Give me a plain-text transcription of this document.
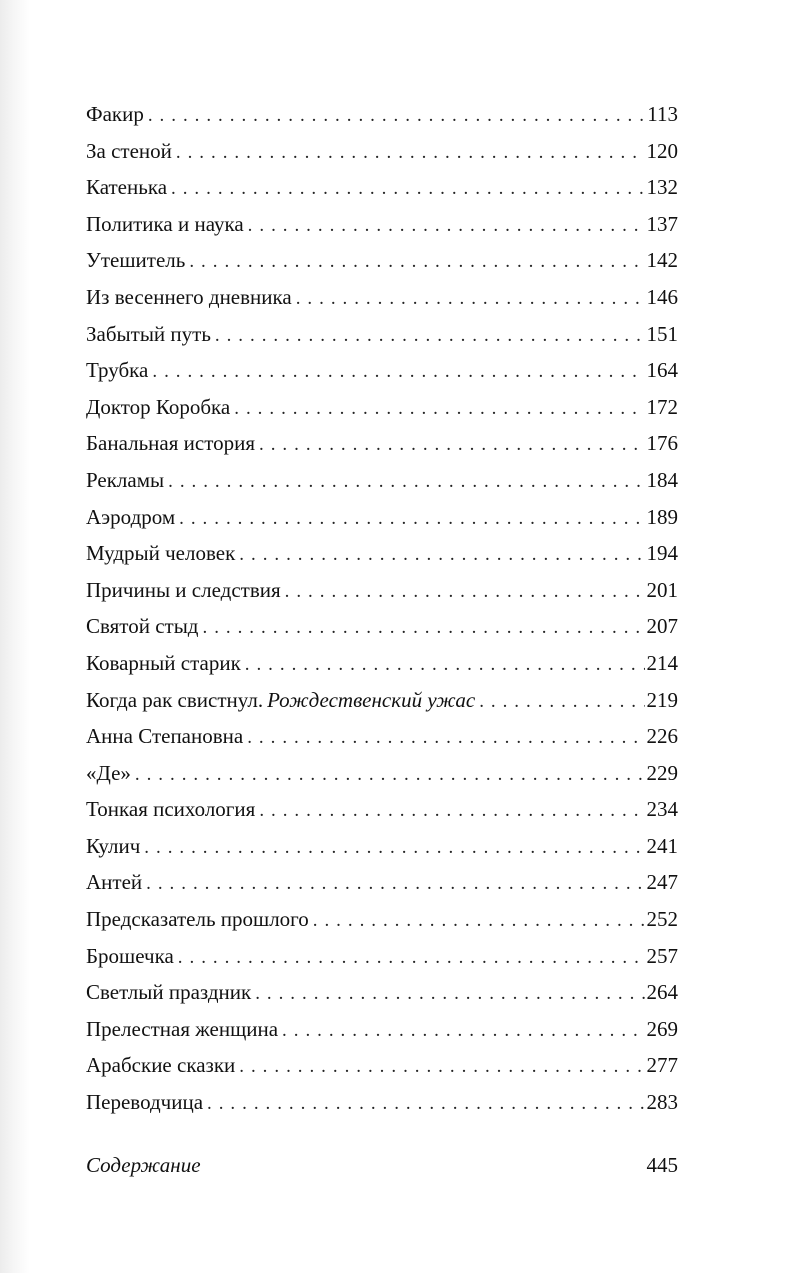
Факир . . .	113
За стеной . . .	120
Катенька . . .	132
Политика и наука . . .	137
Утешитель . . .	142
Из весеннего дневника . . .	146
Забытый путь . . .	151
Трубка . . .	164
Доктор Коробка . . .	172
Банальная история . . .	176
Рекламы . . .	184
Аэродром . . .	189
Мудрый человек . . .	194
Причины и следствия . . .	201
Святой стыд . . .	207
Коварный старик . . .	214
Когда рак свистнул. Рождественский ужас . . .	219
Анна Степановна . . .	226
«Де» . . .	229
Тонкая психология . . .	234
Кулич . . .	241
Антей . . .	247
Предсказатель прошлого . . .	252
Брошечка . . .	257
Светлый праздник . . .	264
Прелестная женщина . . .	269
Арабские сказки . . .	277
Переводчица . . .	283
Содержание	445
